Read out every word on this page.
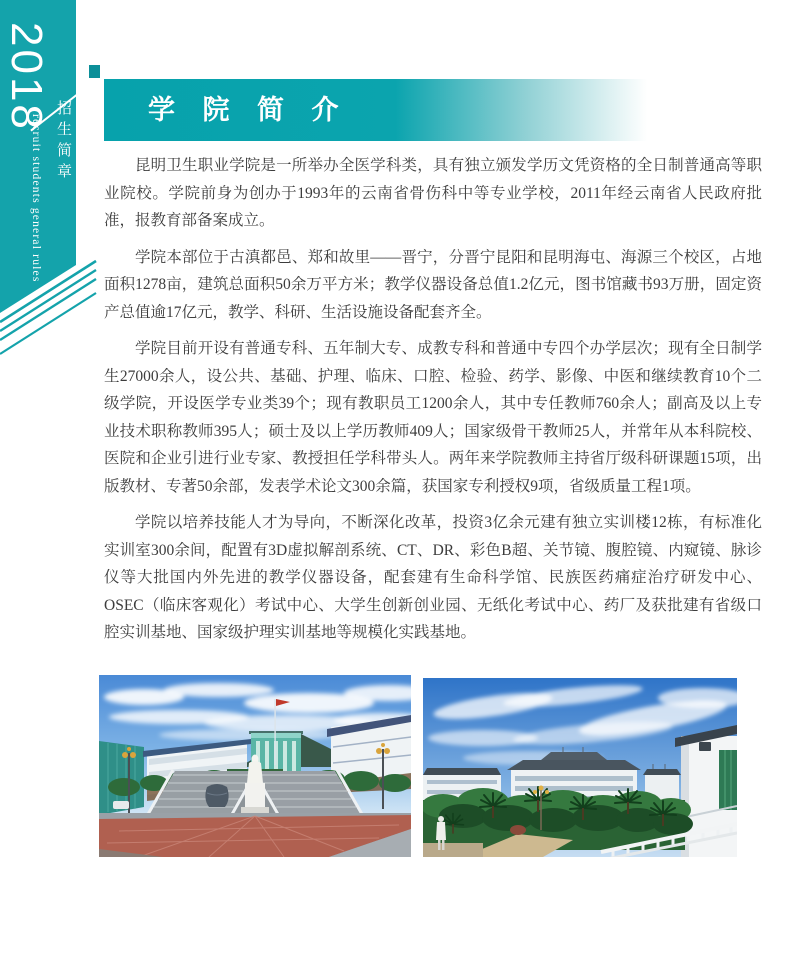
2018
招生简章
recruit students general rules
学 院 简 介

昆明卫生职业学院是一所举办全医学科类，具有独立颁发学历文凭资格的全日制普通高等职业院校。学院前身为创办于1993年的云南省骨伤科中等专业学校，2011年经云南省人民政府批准，报教育部备案成立。

学院本部位于古滇都邑、郑和故里——晋宁，分晋宁昆阳和昆明海屯、海源三个校区，占地面积1278亩，建筑总面积50余万平方米；教学仪器设备总值1.2亿元，图书馆藏书93万册，固定资产总值逾17亿元，教学、科研、生活设施设备配套齐全。

学院目前开设有普通专科、五年制大专、成教专科和普通中专四个办学层次；现有全日制学生27000余人，设公共、基础、护理、临床、口腔、检验、药学、影像、中医和继续教育10个二级学院，开设医学专业类39个；现有教职员工1200余人，其中专任教师760余人；副高及以上专业技术职称教师395人；硕士及以上学历教师409人；国家级骨干教师25人，并常年从本科院校、医院和企业引进行业专家、教授担任学科带头人。两年来学院教师主持省厅级科研课题15项，出版教材、专著50余部，发表学术论文300余篇，获国家专利授权9项，省级质量工程1项。

学院以培养技能人才为导向，不断深化改革，投资3亿余元建有独立实训楼12栋，有标准化实训室300余间，配置有3D虚拟解剖系统、CT、DR、彩色B超、关节镜、腹腔镜、内窥镜、脉诊仪等大批国内外先进的教学仪器设备，配套建有生命科学馆、民族医药痛症治疗研发中心、OSEC（临床客观化）考试中心、大学生创新创业园、无纸化考试中心、药厂及获批建有省级口腔实训基地、国家级护理实训基地等规模化实践基地。
